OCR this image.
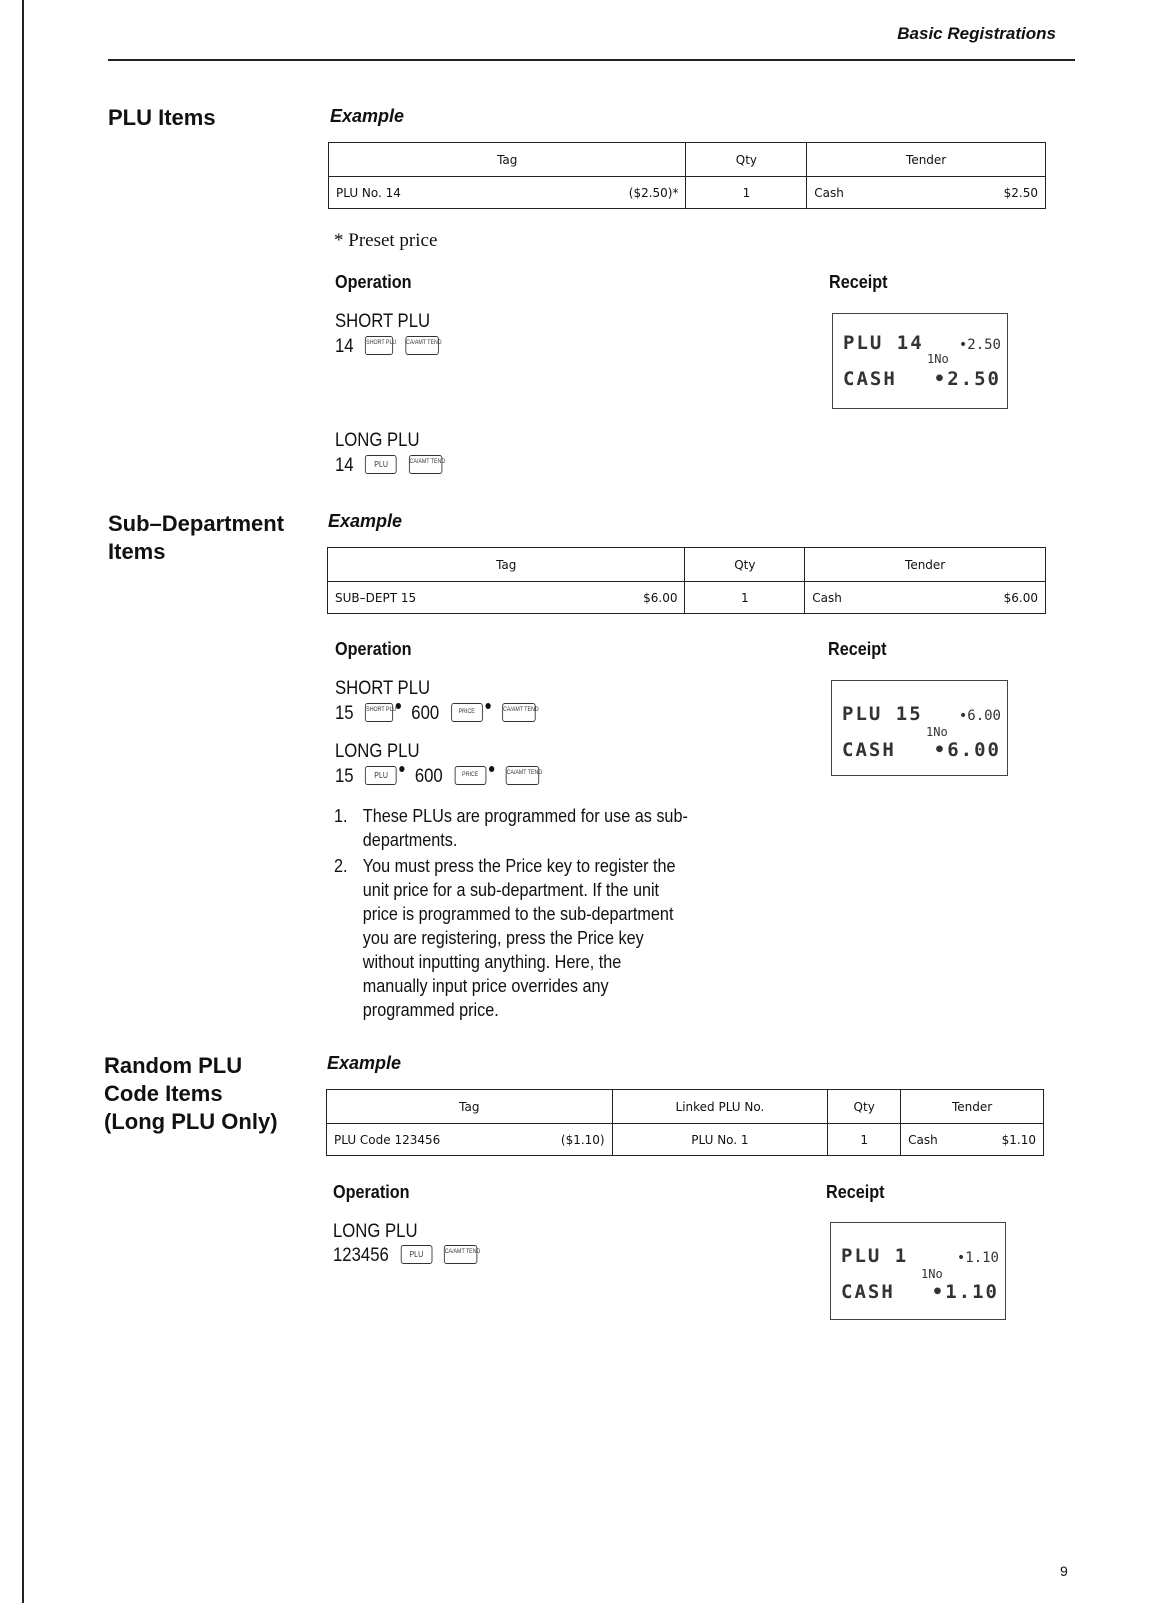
Basic Registrations
PLU Items	Example
Tag	Qty	Tender

PLU No. 14 ($2.50)*	1	Cash $2.50
* Preset price
Operation	Receipt
SHORT PLU
14 SHORT PLU
CA/AMT TEND
LONG PLU
14	PLU
	CA/AMT TEND
PLU 14	•2.50
1No
CASH •2.50
Sub–Department
Items
Example
Tag	Qty	Tender

SUB–DEPT 15 $6.00	1	Cash $6.00
Operation	Receipt
SHORT PLU
15 SHORT PLU 600	PRICE
	CA/AMT TEND
LONG PLU
15	PLU	600	PRICE
	CA/AMT TEND
PLU 15	•6.00
1No
CASH •6.00
1. These PLUs are programmed for use as sub-departments.
2. You must press the Price key to register the unit price for a sub-department. If the unit price is programmed to the sub-department you are registering, press the Price key without inputting anything. Here, the manually input price overrides any programmed price.
Random PLU
Code Items
(Long PLU Only)
Example
Tag	Linked PLU No.	Qty	Tender

PLU Code 123456 ($1.10)	PLU No. 1	1	Cash $1.10
Operation	Receipt
LONG PLU
123456	PLU
	CA/AMT TEND	PLU 1	•1.10
1No
CASH •1.10
9
